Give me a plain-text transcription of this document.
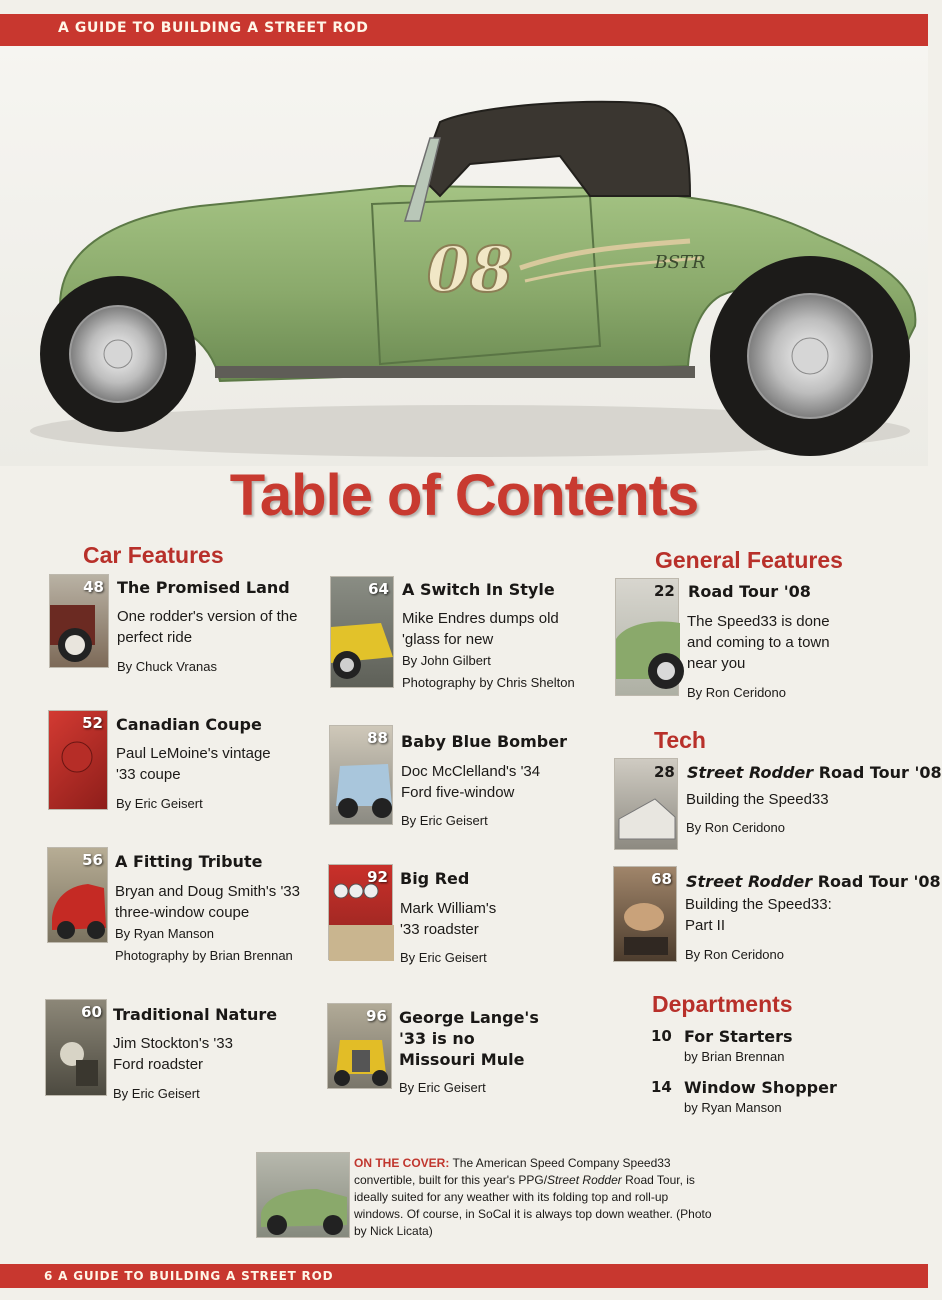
A GUIDE TO BUILDING A STREET ROD
08	BSTR
Table of Contents
Car Features	General Features
Tech
Departments
48 The Promised Land
One rodder's version of the
perfect ride
By Chuck Vranas
52 Canadian Coupe
Paul LeMoine's vintage
'33 coupe
By Eric Geisert
56 A Fitting Tribute
Bryan and Doug Smith's '33
three-window coupe
By Ryan Manson
Photography by Brian Brennan
60 Traditional Nature
Jim Stockton's '33
Ford roadster
By Eric Geisert
64 A Switch In Style
Mike Endres dumps old
'glass for new
By John Gilbert
Photography by Chris Shelton
88 Baby Blue Bomber
Doc McClelland's '34
Ford five-window
By Eric Geisert
92 Big Red
Mark William's
'33 roadster
By Eric Geisert
96 George Lange's
'33 is no
Missouri Mule
By Eric Geisert
22 Road Tour '08
The Speed33 is done
and coming to a town
near you
By Ron Ceridono
28 Street Rodder Road Tour '08
Building the Speed33
By Ron Ceridono
68 Street Rodder Road Tour '08
Building the Speed33:
Part II
By Ron Ceridono
10 For Starters
by Brian Brennan
14 Window Shopper
by Ryan Manson
ON THE COVER: The American Speed Company Speed33 convertible, built for this year's PPG/Street Rodder Road Tour, is ideally suited for any weather with its folding top and roll-up windows. Of course, in SoCal it is always top down weather. (Photo by Nick Licata)
6 A GUIDE TO BUILDING A STREET ROD
